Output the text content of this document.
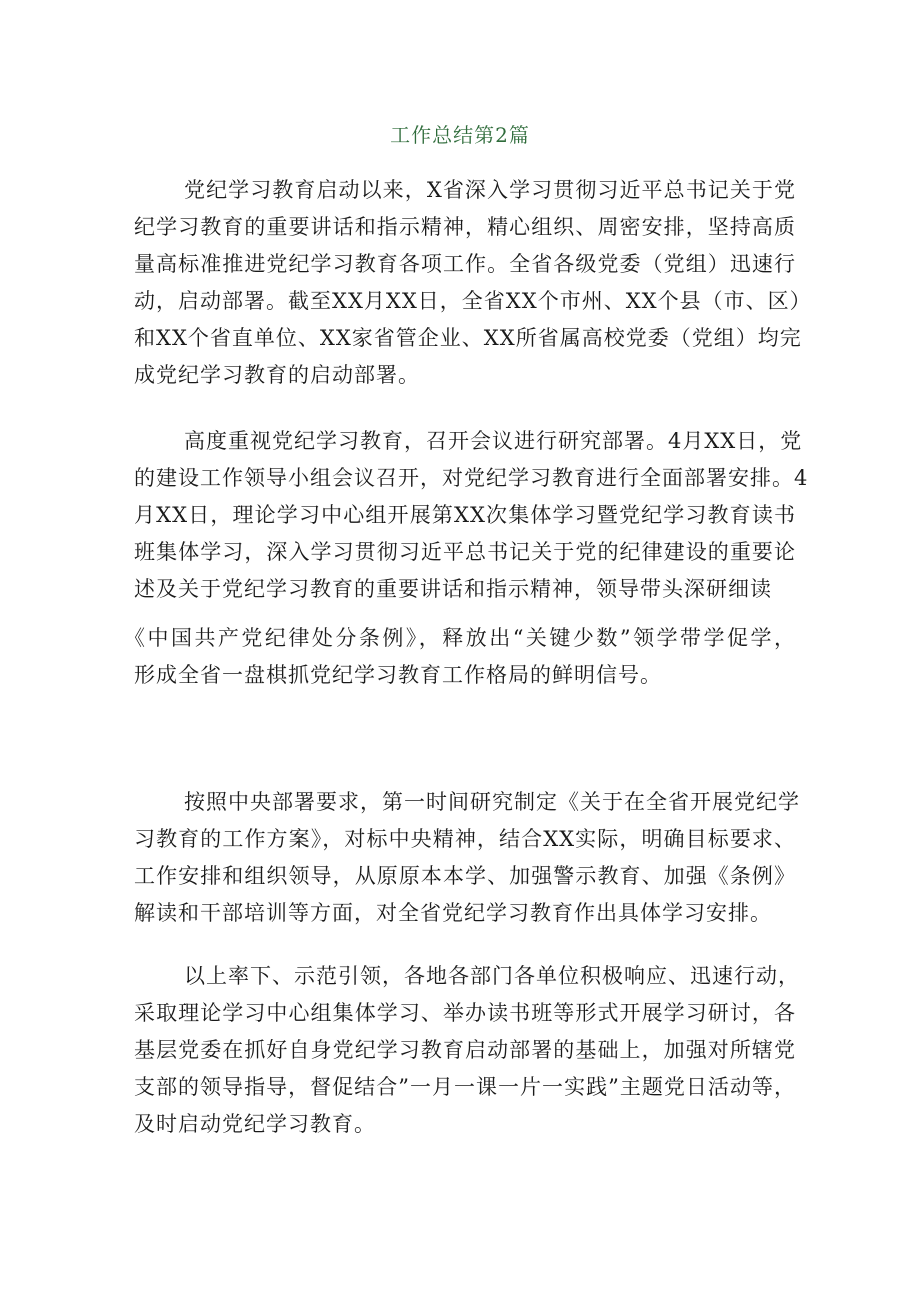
工作总结第2篇
党纪学习教育启动以来，X省深入学习贯彻习近平总书记关于党
纪学习教育的重要讲话和指示精神，精心组织、周密安排，坚持高质
量高标准推进党纪学习教育各项工作。全省各级党委（党组）迅速行
动，启动部署。截至XX月XX日，全省XX个市州、XX个县（市、区）
和XX个省直单位、XX家省管企业、XX所省属高校党委（党组）均完
成党纪学习教育的启动部署。
高度重视党纪学习教育，召开会议进行研究部署。4月XX日，党
的建设工作领导小组会议召开，对党纪学习教育进行全面部署安排。4
月XX日，理论学习中心组开展第XX次集体学习暨党纪学习教育读书
班集体学习，深入学习贯彻习近平总书记关于党的纪律建设的重要论
述及关于党纪学习教育的重要讲话和指示精神，领导带头深研细读
《中国共产党纪律处分条例》，释放出“关键少数”领学带学促学，
形成全省一盘棋抓党纪学习教育工作格局的鲜明信号。
按照中央部署要求，第一时间研究制定《关于在全省开展党纪学
习教育的工作方案》，对标中央精神，结合XX实际，明确目标要求、
工作安排和组织领导，从原原本本学、加强警示教育、加强《条例》
解读和干部培训等方面，对全省党纪学习教育作出具体学习安排。
以上率下、示范引领，各地各部门各单位积极响应、迅速行动，
采取理论学习中心组集体学习、举办读书班等形式开展学习研讨，各
基层党委在抓好自身党纪学习教育启动部署的基础上，加强对所辖党
支部的领导指导，督促结合”一月一课一片一实践”主题党日活动等，
及时启动党纪学习教育。
